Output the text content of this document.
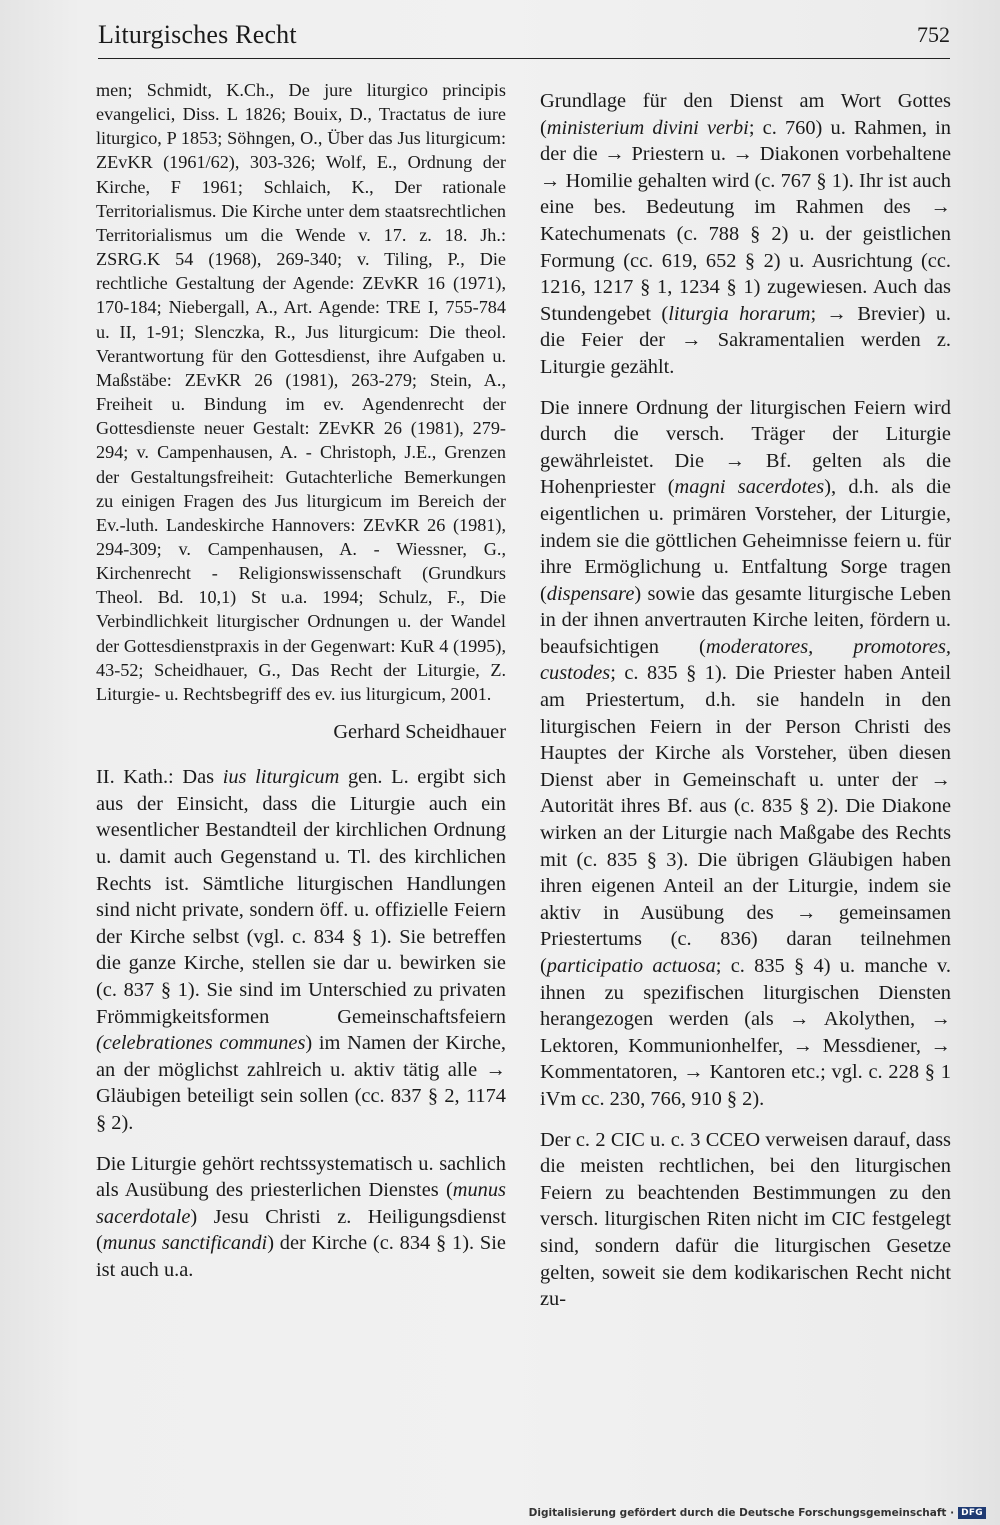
Liturgisches Recht	752

men; Schmidt, K.Ch., De jure liturgico principis evangelici, Diss. L 1826; Bouix, D., Tractatus de iure liturgico, P 1853; Söhngen, O., Über das Jus liturgicum: ZEvKR (1961/62), 303-326; Wolf, E., Ordnung der Kirche, F 1961; Schlaich, K., Der rationale Territorialismus. Die Kirche unter dem staatsrechtlichen Territorialismus um die Wende v. 17. z. 18. Jh.: ZSRG.K 54 (1968), 269-340; v. Tiling, P., Die rechtliche Gestaltung der Agende: ZEvKR 16 (1971), 170-184; Niebergall, A., Art. Agende: TRE I, 755-784 u. II, 1-91; Slenczka, R., Jus liturgicum: Die theol. Verantwortung für den Gottesdienst, ihre Aufgaben u. Maßstäbe: ZEvKR 26 (1981), 263-279; Stein, A., Freiheit u. Bindung im ev. Agendenrecht der Gottesdienste neuer Gestalt: ZEvKR 26 (1981), 279-294; v. Campenhausen, A. - Christoph, J.E., Grenzen der Gestaltungsfreiheit: Gutachterliche Bemerkungen zu einigen Fragen des Jus liturgicum im Bereich der Ev.-luth. Landeskirche Hannovers: ZEvKR 26 (1981), 294-309; v. Campenhausen, A. - Wiessner, G., Kirchenrecht - Religionswissenschaft (Grundkurs Theol. Bd. 10,1) St u.a. 1994; Schulz, F., Die Verbindlichkeit liturgischer Ordnungen u. der Wandel der Gottesdienstpraxis in der Gegenwart: KuR 4 (1995), 43-52; Scheidhauer, G., Das Recht der Liturgie, Z. Liturgie- u. Rechtsbegriff des ev. ius liturgicum, 2001.

Gerhard Scheidhauer

II. Kath.: Das ius liturgicum gen. L. ergibt sich aus der Einsicht, dass die Liturgie auch ein wesentlicher Bestandteil der kirchlichen Ordnung u. damit auch Gegenstand u. Tl. des kirchlichen Rechts ist. Sämtliche liturgischen Handlungen sind nicht private, sondern öff. u. offizielle Feiern der Kirche selbst (vgl. c. 834 § 1). Sie betreffen die ganze Kirche, stellen sie dar u. bewirken sie (c. 837 § 1). Sie sind im Unterschied zu privaten Frömmigkeitsformen Gemeinschaftsfeiern (celebrationes communes) im Namen der Kirche, an der möglichst zahlreich u. aktiv tätig alle → Gläubigen beteiligt sein sollen (cc. 837 § 2, 1174 § 2).

Die Liturgie gehört rechtssystematisch u. sachlich als Ausübung des priesterlichen Dienstes (munus sacerdotale) Jesu Christi z. Heiligungsdienst (munus sanctificandi) der Kirche (c. 834 § 1). Sie ist auch u.a.

Grundlage für den Dienst am Wort Gottes (ministerium divini verbi; c. 760) u. Rahmen, in der die → Priestern u. → Diakonen vorbehaltene → Homilie gehalten wird (c. 767 § 1). Ihr ist auch eine bes. Bedeutung im Rahmen des → Katechumenats (c. 788 § 2) u. der geistlichen Formung (cc. 619, 652 § 2) u. Ausrichtung (cc. 1216, 1217 § 1, 1234 § 1) zugewiesen. Auch das Stundengebet (liturgia horarum; → Brevier) u. die Feier der → Sakramentalien werden z. Liturgie gezählt.

Die innere Ordnung der liturgischen Feiern wird durch die versch. Träger der Liturgie gewährleistet. Die → Bf. gelten als die Hohenpriester (magni sacerdotes), d.h. als die eigentlichen u. primären Vorsteher, der Liturgie, indem sie die göttlichen Geheimnisse feiern u. für ihre Ermöglichung u. Entfaltung Sorge tragen (dispensare) sowie das gesamte liturgische Leben in der ihnen anvertrauten Kirche leiten, fördern u. beaufsichtigen (moderatores, promotores, custodes; c. 835 § 1). Die Priester haben Anteil am Priestertum, d.h. sie handeln in den liturgischen Feiern in der Person Christi des Hauptes der Kirche als Vorsteher, üben diesen Dienst aber in Gemeinschaft u. unter der → Autorität ihres Bf. aus (c. 835 § 2). Die Diakone wirken an der Liturgie nach Maßgabe des Rechts mit (c. 835 § 3). Die übrigen Gläubigen haben ihren eigenen Anteil an der Liturgie, indem sie aktiv in Ausübung des → gemeinsamen Priestertums (c. 836) daran teilnehmen (participatio actuosa; c. 835 § 4) u. manche v. ihnen zu spezifischen liturgischen Diensten herangezogen werden (als → Akolythen, → Lektoren, Kommunionhelfer, → Messdiener, → Kommentatoren, → Kantoren etc.; vgl. c. 228 § 1 iVm cc. 230, 766, 910 § 2).

Der c. 2 CIC u. c. 3 CCEO verweisen darauf, dass die meisten rechtlichen, bei den liturgischen Feiern zu beachtenden Bestimmungen zu den versch. liturgischen Riten nicht im CIC festgelegt sind, sondern dafür die liturgischen Gesetze gelten, soweit sie dem kodikarischen Recht nicht zu-

Digitalisierung gefördert durch die Deutsche Forschungsgemeinschaft · DFG
